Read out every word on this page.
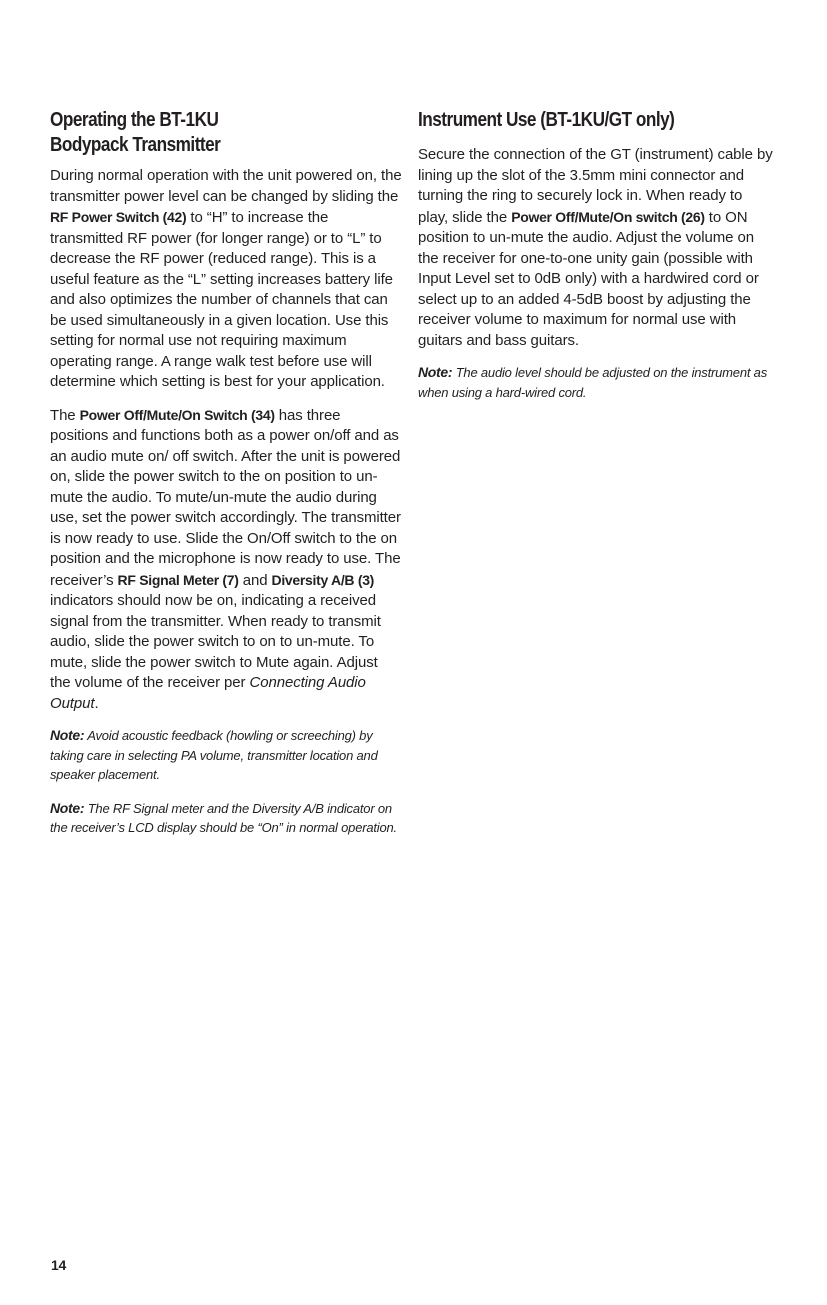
Operating the BT-1KU
Bodypack Transmitter

During normal operation with the unit powered on, the transmitter power level can be changed by sliding the RF Power Switch (42) to “H” to increase the transmitted RF power (for longer range) or to “L” to decrease the RF power (reduced range). This is a useful feature as the “L” setting increases battery life and also optimizes the number of channels that can be used simultaneously in a given location. Use this setting for normal use not requiring maximum operating range. A range walk test before use will determine which setting is best for your application.

The Power Off/Mute/On Switch (34) has three positions and functions both as a power on/off and as an audio mute on/ off switch. After the unit is powered on, slide the power switch to the on position to un-mute the audio. To mute/un-mute the audio during use, set the power switch accordingly. The transmitter is now ready to use. Slide the On/Off switch to the on position and the microphone is now ready to use. The receiver’s RF Signal Meter (7) and Diversity A/B (3) indicators should now be on, indicating a received signal from the transmitter. When ready to transmit audio, slide the power switch to on to un-mute. To mute, slide the power switch to Mute again. Adjust the volume of the receiver per Connecting Audio Output.

Note: Avoid acoustic feedback (howling or screeching) by taking care in selecting PA volume, transmitter location and speaker placement.

Note: The RF Signal meter and the Diversity A/B indicator on the receiver’s LCD display should be “On” in normal operation.

Instrument Use (BT-1KU/GT only)

Secure the connection of the GT (instrument) cable by lining up the slot of the 3.5mm mini connector and turning the ring to securely lock in. When ready to play, slide the Power Off/Mute/On switch (26) to ON position to un-mute the audio. Adjust the volume on the receiver for one-to-one unity gain (possible with Input Level set to 0dB only) with a hardwired cord or select up to an added 4-5dB boost by adjusting the receiver volume to maximum for normal use with guitars and bass guitars.

Note: The audio level should be adjusted on the instrument as when using a hard-wired cord.

14
